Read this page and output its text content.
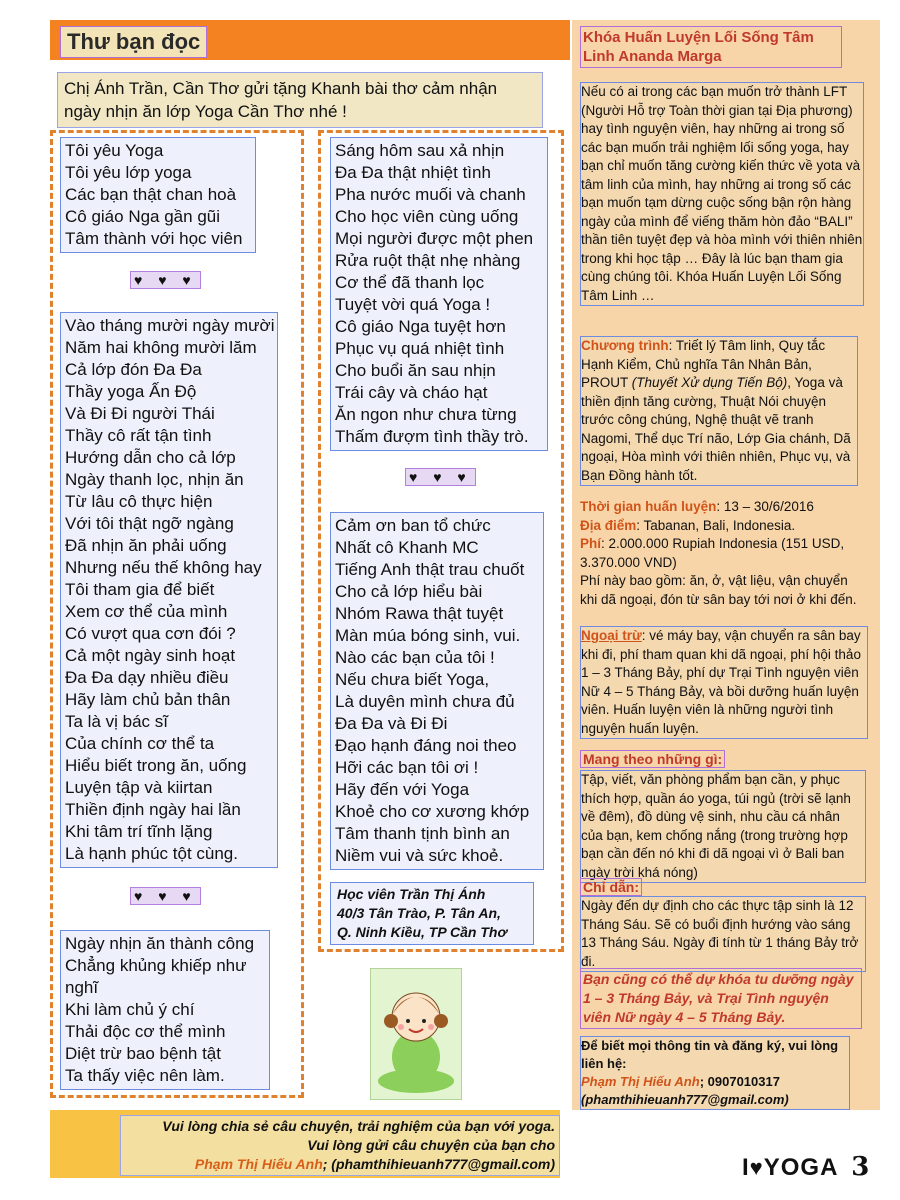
Thư bạn đọc
Chị Ánh Trần, Cần Thơ gửi tặng Khanh bài thơ cảm nhận ngày nhịn ăn lớp Yoga Cần Thơ nhé !
Tôi yêu Yoga
Tôi yêu lớp yoga
Các bạn thật chan hoà
Cô giáo Nga gần gũi
Tâm thành với học viên
♥ ♥ ♥
Vào tháng mười ngày mười
Năm hai không mười lăm
Cả lớp đón Đa Đa
Thầy yoga Ấn Độ
Và Đi Đi người Thái
Thầy cô rất tận tình
Hướng dẫn cho cả lớp
Ngày thanh lọc, nhịn ăn
Từ lâu cô thực hiện
Với tôi thật ngỡ ngàng
Đã nhịn ăn phải uống
Nhưng nếu thế không hay
Tôi tham gia để biết
Xem cơ thể của mình
Có vượt qua cơn đói ?
Cả một ngày sinh hoạt
Đa Đa dạy nhiều điều
Hãy làm chủ bản thân
Ta là vị bác sĩ
Của chính cơ thể ta
Hiểu biết trong ăn, uống
Luyện tập và kiirtan
Thiền định ngày hai lần
Khi tâm trí tĩnh lặng
Là hạnh phúc tột cùng.
♥ ♥ ♥
Ngày nhịn ăn thành công
Chẳng khủng khiếp như
nghĩ
Khi làm chủ ý chí
Thải độc cơ thể mình
Diệt trừ bao bệnh tật
Ta thấy việc nên làm.
Sáng hôm sau xả nhịn
Đa Đa thật nhiệt tình
Pha nước muối và chanh
Cho học viên cùng uống
Mọi người được một phen
Rửa ruột thật nhẹ nhàng
Cơ thể đã thanh lọc
Tuyệt vời quá Yoga !
Cô giáo Nga tuyệt hơn
Phục vụ quá nhiệt tình
Cho buổi ăn sau nhịn
Trái cây và cháo hạt
Ăn ngon như chưa từng
Thấm đượm tình thầy trò.
♥ ♥ ♥
Cảm ơn ban tổ chức
Nhất cô Khanh MC
Tiếng Anh thật trau chuốt
Cho cả lớp hiểu bài
Nhóm Rawa thật tuyệt
Màn múa bóng sinh, vui.
Nào các bạn của tôi !
Nếu chưa biết Yoga,
Là duyên mình chưa đủ
Đa Đa và Đi Đi
Đạo hạnh đáng noi theo
Hỡi các bạn tôi ơi !
Hãy đến với Yoga
Khoẻ cho cơ xương khớp
Tâm thanh tịnh bình an
Niềm vui và sức khoẻ.
Học viên Trần Thị Ánh
40/3 Tân Trào, P. Tân An,
Q. Ninh Kiều, TP Cần Thơ
Vui lòng chia sẻ câu chuyện, trải nghiệm của bạn với yoga.
Vui lòng gửi câu chuyện của bạn cho
Phạm Thị Hiếu Anh; (phamthihieuanh777@gmail.com)
Khóa Huấn Luyện Lối Sống Tâm Linh Ananda Marga
Nếu có ai trong các bạn muốn trở thành LFT (Người Hỗ trợ Toàn thời gian tại Địa phương) hay tình nguyện viên, hay những ai trong số các bạn muốn trải nghiệm lối sống yoga, hay bạn chỉ muốn tăng cường kiến thức về yota và tâm linh của mình, hay những ai trong số các bạn muốn tạm dừng cuộc sống bận rộn hàng ngày của mình để viếng thăm hòn đảo “BALI” thần tiên tuyệt đẹp và hòa mình với thiên nhiên trong khi học tập … Đây là lúc bạn tham gia cùng chúng tôi. Khóa Huấn Luyện Lối Sống Tâm Linh …
Chương trình: Triết lý Tâm linh, Quy tắc Hạnh Kiểm, Chủ nghĩa Tân Nhân Bản, PROUT (Thuyết Xử dụng Tiến Bộ), Yoga và thiền định tăng cường, Thuật Nói chuyện trước công chúng, Nghệ thuật vẽ tranh Nagomi, Thể dục Trí não, Lớp Gia chánh, Dã ngoại, Hòa mình với thiên nhiên, Phục vụ, và Bạn Đồng hành tốt.
Thời gian huấn luyện: 13 – 30/6/2016
Địa điểm: Tabanan, Bali, Indonesia.
Phí: 2.000.000 Rupiah Indonesia (151 USD, 3.370.000 VND)
Phí này bao gồm: ăn, ở, vật liệu, vận chuyển khi dã ngoại, đón từ sân bay tới nơi ở khi đến.
Ngoại trừ: vé máy bay, vận chuyển ra sân bay khi đi, phí tham quan khi dã ngoại, phí hội thảo 1 – 3 Tháng Bảy, phí dự Trại Tình nguyện viên Nữ 4 – 5 Tháng Bảy, và bồi dưỡng huấn luyện viên. Huấn luyện viên là những người tình nguyện huấn luyện.
Mang theo những gì:
Tập, viết, văn phòng phẩm bạn cần, y phục thích hợp, quần áo yoga, túi ngủ (trời sẽ lạnh về đêm), đồ dùng vệ sinh, nhu cầu cá nhân của bạn, kem chống nắng (trong trường hợp bạn cần đến nó khi đi dã ngoại vì ở Bali ban ngày trời khá nóng)
Chỉ dẫn:
Ngày đến dự định cho các thực tập sinh là 12 Tháng Sáu. Sẽ có buổi định hướng vào sáng 13 Tháng Sáu. Ngày đi tính từ 1 tháng Bảy trở đi.
Bạn cũng có thể dự khóa tu dưỡng ngày 1 – 3 Tháng Bảy, và Trại Tình nguyện viên Nữ ngày 4 – 5 Tháng Bảy.
Để biết mọi thông tin và đăng ký, vui lòng liên hệ:
Phạm Thị Hiếu Anh; 0907010317
(phamthihieuanh777@gmail.com)
I♥YOGA 3
